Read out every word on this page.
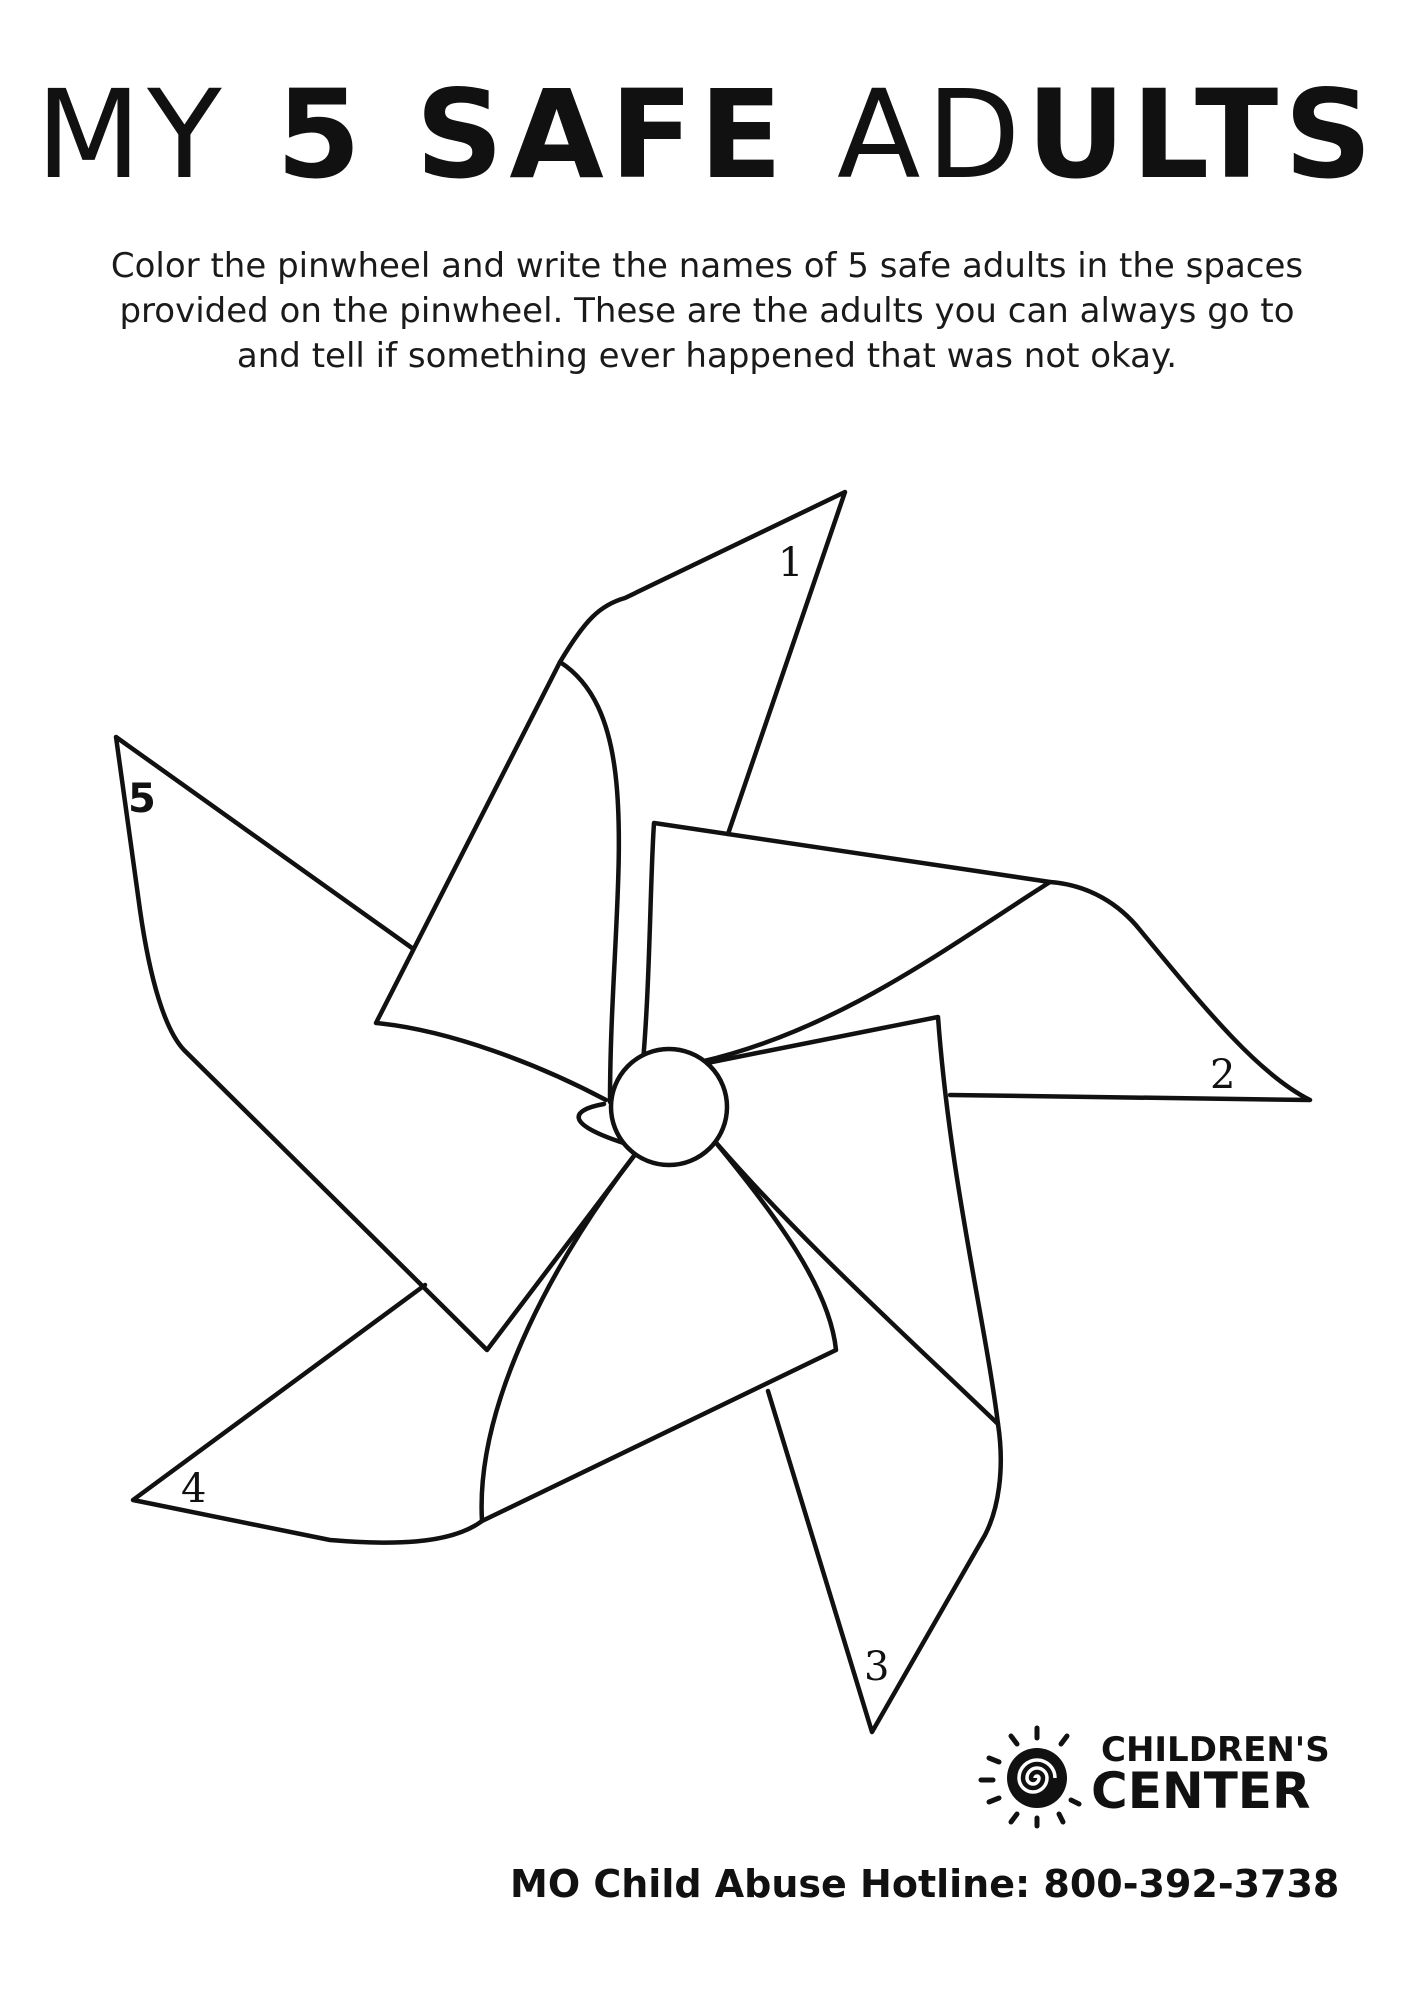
MY 5 SAFE ADULTS

Color the pinwheel and write the names of 5 safe adults in the spaces provided on the pinwheel. These are the adults you can always go to and tell if something ever happened that was not okay.

1
2
3
4
5
CHILDREN'S
CENTER
MO Child Abuse Hotline: 800-392-3738
